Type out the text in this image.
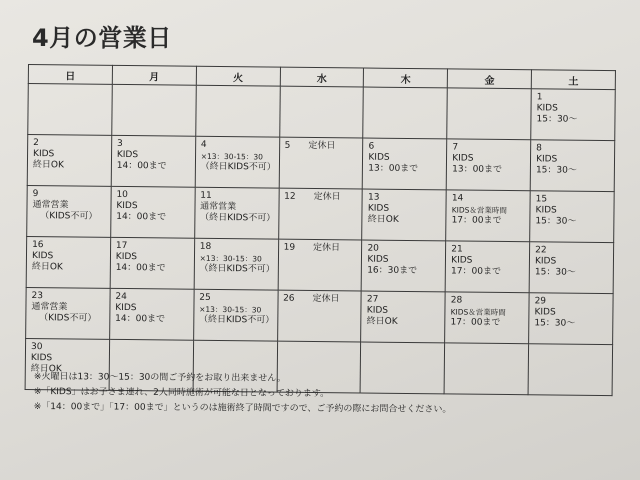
4月の営業日
日	月	火	水	木	金	土

						1
KIDS
15：30～

2
KIDS
終日OK	3
KIDS
14：00まで	4
×13：30-15：30
（終日KIDS不可）	5 定休日	6
KIDS
13：00まで	7
KIDS
13：00まで	8
KIDS
15：30～

9
通常営業
（KIDS不可）	10
KIDS
14：00まで	11
通常営業
（終日KIDS不可）	12 定休日	13
KIDS
終日OK	14
KIDS＆営業時間
17：00まで	15
KIDS
15：30～

16
KIDS
終日OK	17
KIDS
14：00まで	18
×13：30-15：30
（終日KIDS不可）	19 定休日	20
KIDS
16：30まで	21
KIDS
17：00まで	22
KIDS
15：30～

23
通常営業
（KIDS不可）	24
KIDS
14：00まで	25
×13：30-15：30
（終日KIDS不可）	26 定休日	27
KIDS
終日OK	28
KIDS＆営業時間
17：00まで	29
KIDS
15：30～

30
KIDS
終日OK						

※火曜日は13：30～15：30の間ご予約をお取り出来ません。
※「KIDS」はお子さま連れ、2人同時施術が可能な日となっております。
※「14：00まで」「17：00まで」というのは施術終了時間ですので、ご予約の際にお問合せください。
